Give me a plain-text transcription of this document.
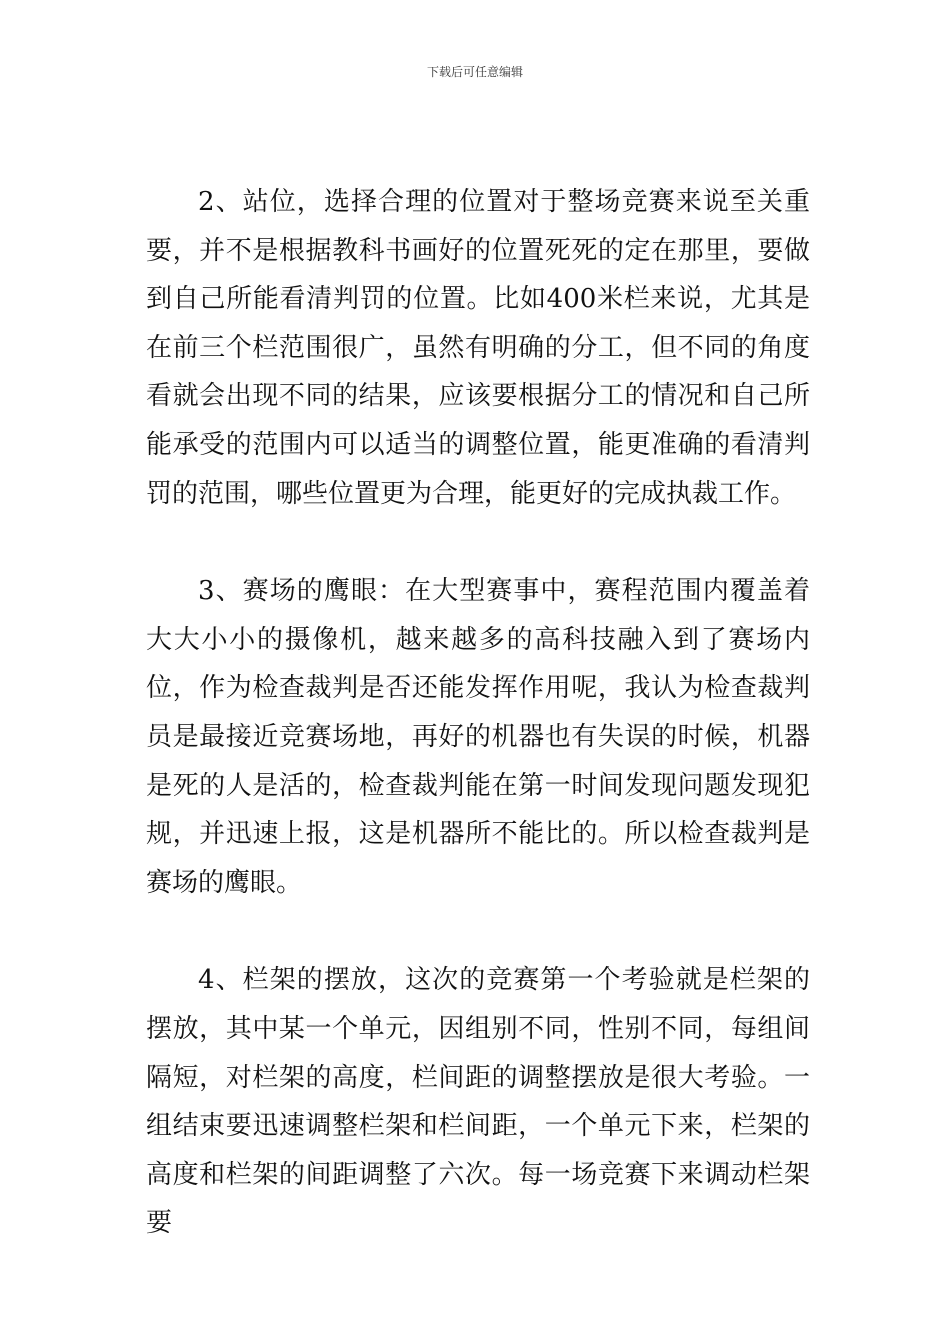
下载后可任意编辑

2、站位，选择合理的位置对于整场竞赛来说至关重要，并不是根据教科书画好的位置死死的定在那里，要做到自己所能看清判罚的位置。比如400米栏来说，尤其是在前三个栏范围很广，虽然有明确的分工，但不同的角度看就会出现不同的结果，应该要根据分工的情况和自己所能承受的范围内可以适当的调整位置，能更准确的看清判罚的范围，哪些位置更为合理，能更好的完成执裁工作。

3、赛场的鹰眼：在大型赛事中，赛程范围内覆盖着大大小小的摄像机，越来越多的高科技融入到了赛场内位，作为检查裁判是否还能发挥作用呢，我认为检查裁判员是最接近竞赛场地，再好的机器也有失误的时候，机器是死的人是活的，检查裁判能在第一时间发现问题发现犯规，并迅速上报，这是机器所不能比的。所以检查裁判是赛场的鹰眼。

4、栏架的摆放，这次的竞赛第一个考验就是栏架的摆放，其中某一个单元，因组别不同，性别不同，每组间隔短，对栏架的高度，栏间距的调整摆放是很大考验。一组结束要迅速调整栏架和栏间距，一个单元下来，栏架的高度和栏架的间距调整了六次。每一场竞赛下来调动栏架要
